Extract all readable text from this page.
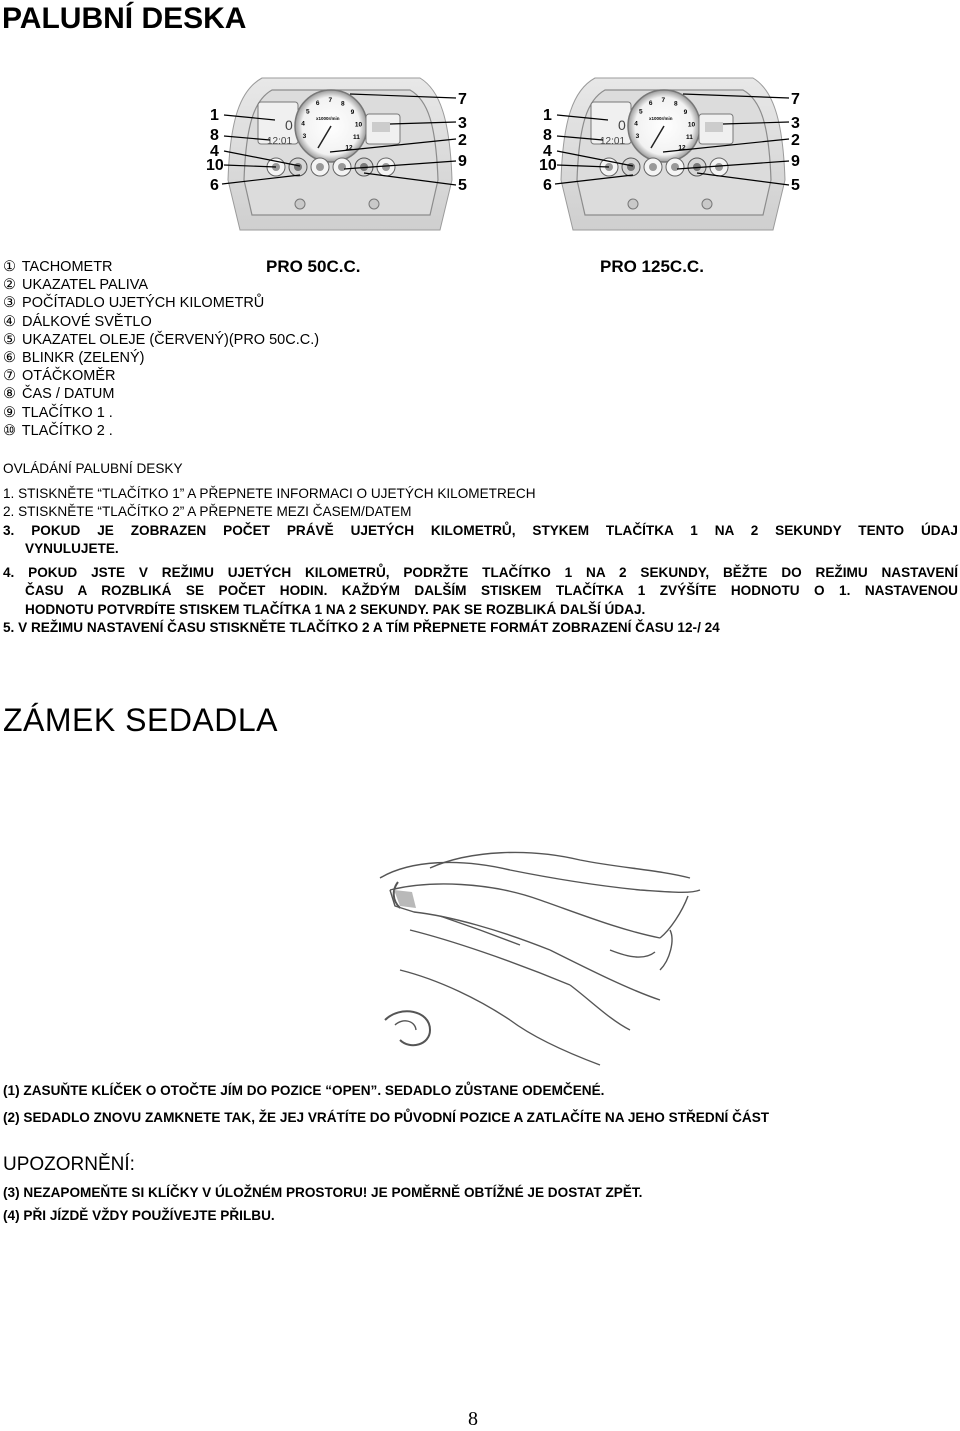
PALUBNÍ DESKA
0
12:01 3
4
5
6 7 8
9
10
11
12
x1000r/min
1
8
4
10
6
7
3
2
9
5
0
12:01 3
4
5
6 7 8
9
10
11
12
x1000r/min
1
8
4
10
6
7
3
2
9
5
① TACHOMETR
② UKAZATEL PALIVA
③ POČÍTADLO UJETÝCH KILOMETRŮ
④ DÁLKOVÉ SVĚTLO
⑤ UKAZATEL OLEJE (ČERVENÝ)(PRO 50C.C.)
⑥ BLINKR (ZELENÝ)
⑦ OTÁČKOMĚR
⑧ ČAS / DATUM
⑨ TLAČÍTKO 1 .
⑩ TLAČÍTKO 2 .
PRO 50C.C.	PRO 125C.C.

OVLÁDÁNÍ PALUBNÍ DESKY

1. STISKNĚTE “TLAČÍTKO 1” A PŘEPNETE INFORMACI O UJETÝCH KILOMETRECH

2. STISKNĚTE “TLAČÍTKO 2” A PŘEPNETE MEZI ČASEM/DATEM

3. POKUD JE ZOBRAZEN POČET PRÁVĚ UJETÝCH KILOMETRŮ, STYKEM TLAČÍTKA 1 NA 2 SEKUNDY TENTO ÚDAJ

VYNULUJETE.

4. POKUD JSTE V REŽIMU UJETÝCH KILOMETRŮ, PODRŽTE TLAČÍTKO 1 NA 2 SEKUNDY, BĚŽTE DO REŽIMU NASTAVENÍ

ČASU A ROZBLIKÁ SE POČET HODIN. KAŽDÝM DALŠÍM STISKEM TLAČÍTKA 1 ZVÝŠÍTE HODNOTU O 1. NASTAVENOU

HODNOTU POTVRDÍTE STISKEM TLAČÍTKA 1 NA 2 SEKUNDY. PAK SE ROZBLIKÁ DALŠÍ ÚDAJ.

5. V REŽIMU NASTAVENÍ ČASU STISKNĚTE TLAČÍTKO 2 A TÍM PŘEPNETE FORMÁT ZOBRAZENÍ ČASU 12-/ 24

ZÁMEK SEDADLA

(1) ZASUŇTE KLÍČEK O OTOČTE JÍM DO POZICE “OPEN”. SEDADLO ZŮSTANE ODEMČENÉ.

(2) SEDADLO ZNOVU ZAMKNETE TAK, ŽE JEJ VRÁTÍTE DO PŮVODNÍ POZICE A ZATLAČÍTE NA JEHO STŘEDNÍ ČÁST

UPOZORNĚNÍ:

(3) NEZAPOMEŇTE SI KLÍČKY V ÚLOŽNÉM PROSTORU! JE POMĚRNĚ OBTÍŽNÉ JE DOSTAT ZPĚT.

(4) PŘI JÍZDĚ VŽDY POUŽÍVEJTE PŘILBU.

8
